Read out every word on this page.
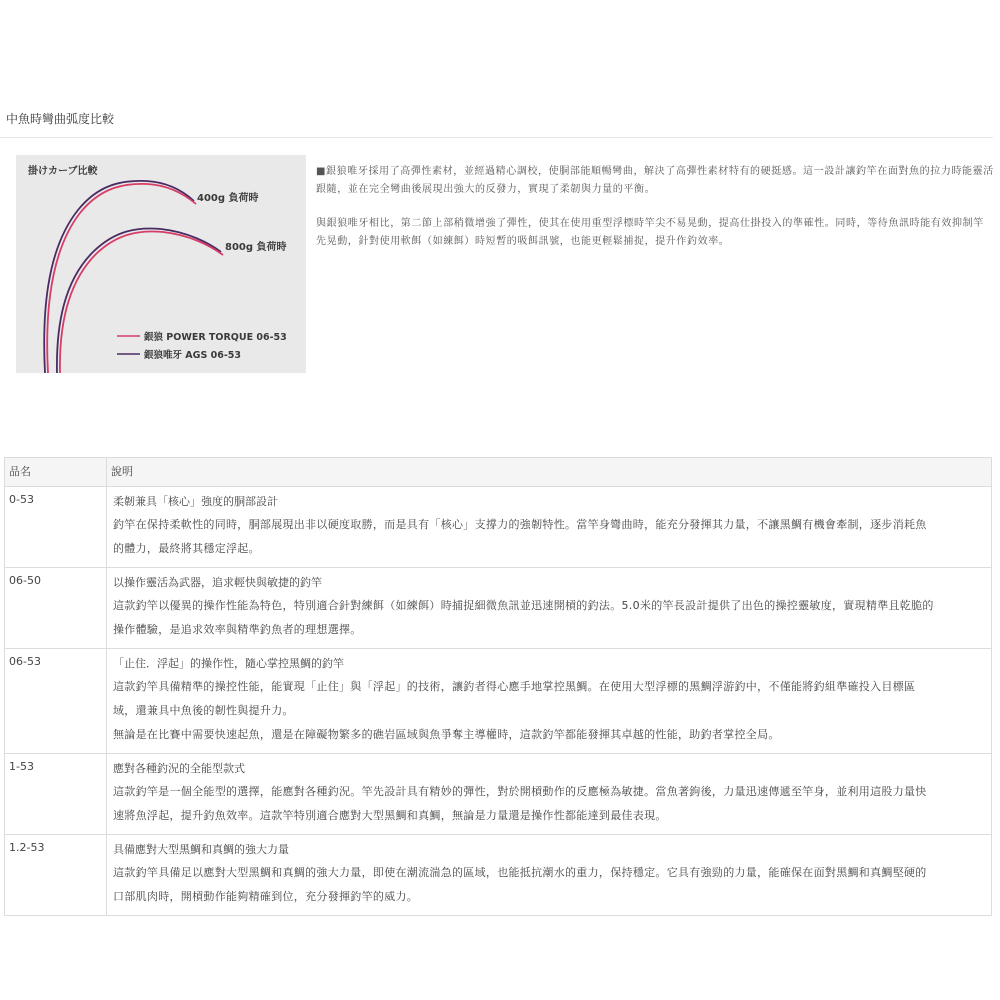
中魚時彎曲弧度比較
掛けカーブ比較
400g 負荷時
800g 負荷時
銀狼 POWER TORQUE 06-53
銀狼唯牙 AGS 06-53

■銀狼唯牙採用了高彈性素材，並經過精心調校，使胴部能順暢彎曲，解決了高彈性素材特有的硬挺感。這一設計讓釣竿在面對魚的拉力時能靈活跟隨，並在完全彎曲後展現出強大的反發力，實現了柔韌與力量的平衡。

與銀狼唯牙相比，第二節上部稍微增強了彈性，使其在使用重型浮標時竿尖不易晃動，提高仕掛投入的準確性。同時，等待魚訊時能有效抑制竿先晃動，針對使用軟餌（如練餌）時短暫的吸餌訊號，也能更輕鬆捕捉，提升作釣效率。

品名	說明
0-53	柔韌兼具「核心」強度的胴部設計
釣竿在保持柔軟性的同時，胴部展現出非以硬度取勝，而是具有「核心」支撐力的強韌特性。當竿身彎曲時，能充分發揮其力量，不讓黑鯛有機會牽制，逐步消耗魚
的體力，最終將其穩定浮起。

06-50	以操作靈活為武器，追求輕快與敏捷的釣竿
這款釣竿以優異的操作性能為特色，特別適合針對練餌（如練餌）時捕捉細微魚訊並迅速開槓的釣法。5.0米的竿長設計提供了出色的操控靈敏度，實現精準且乾脆的
操作體驗，是追求效率與精準釣魚者的理想選擇。

06-53	「止住．浮起」的操作性，隨心掌控黑鯛的釣竿
這款釣竿具備精準的操控性能，能實現「止住」與「浮起」的技術，讓釣者得心應手地掌控黑鯛。在使用大型浮標的黑鯛浮游釣中，不僅能將釣組準確投入目標區
域，還兼具中魚後的韌性與提升力。
無論是在比賽中需要快速起魚，還是在障礙物繁多的礁岩區域與魚爭奪主導權時，這款釣竿都能發揮其卓越的性能，助釣者掌控全局。

1-53	應對各種釣況的全能型款式
這款釣竿是一個全能型的選擇，能應對各種釣況。竿先設計具有精妙的彈性，對於開槓動作的反應極為敏捷。當魚著鉤後，力量迅速傳遞至竿身，並利用這股力量快
速將魚浮起，提升釣魚效率。這款竿特別適合應對大型黑鯛和真鯛，無論是力量還是操作性都能達到最佳表現。

1.2-53	具備應對大型黑鯛和真鯛的強大力量
這款釣竿具備足以應對大型黑鯛和真鯛的強大力量，即使在潮流湍急的區域，也能抵抗潮水的重力，保持穩定。它具有強勁的力量，能確保在面對黑鯛和真鯛堅硬的
口部肌肉時，開槓動作能夠精確到位，充分發揮釣竿的威力。
